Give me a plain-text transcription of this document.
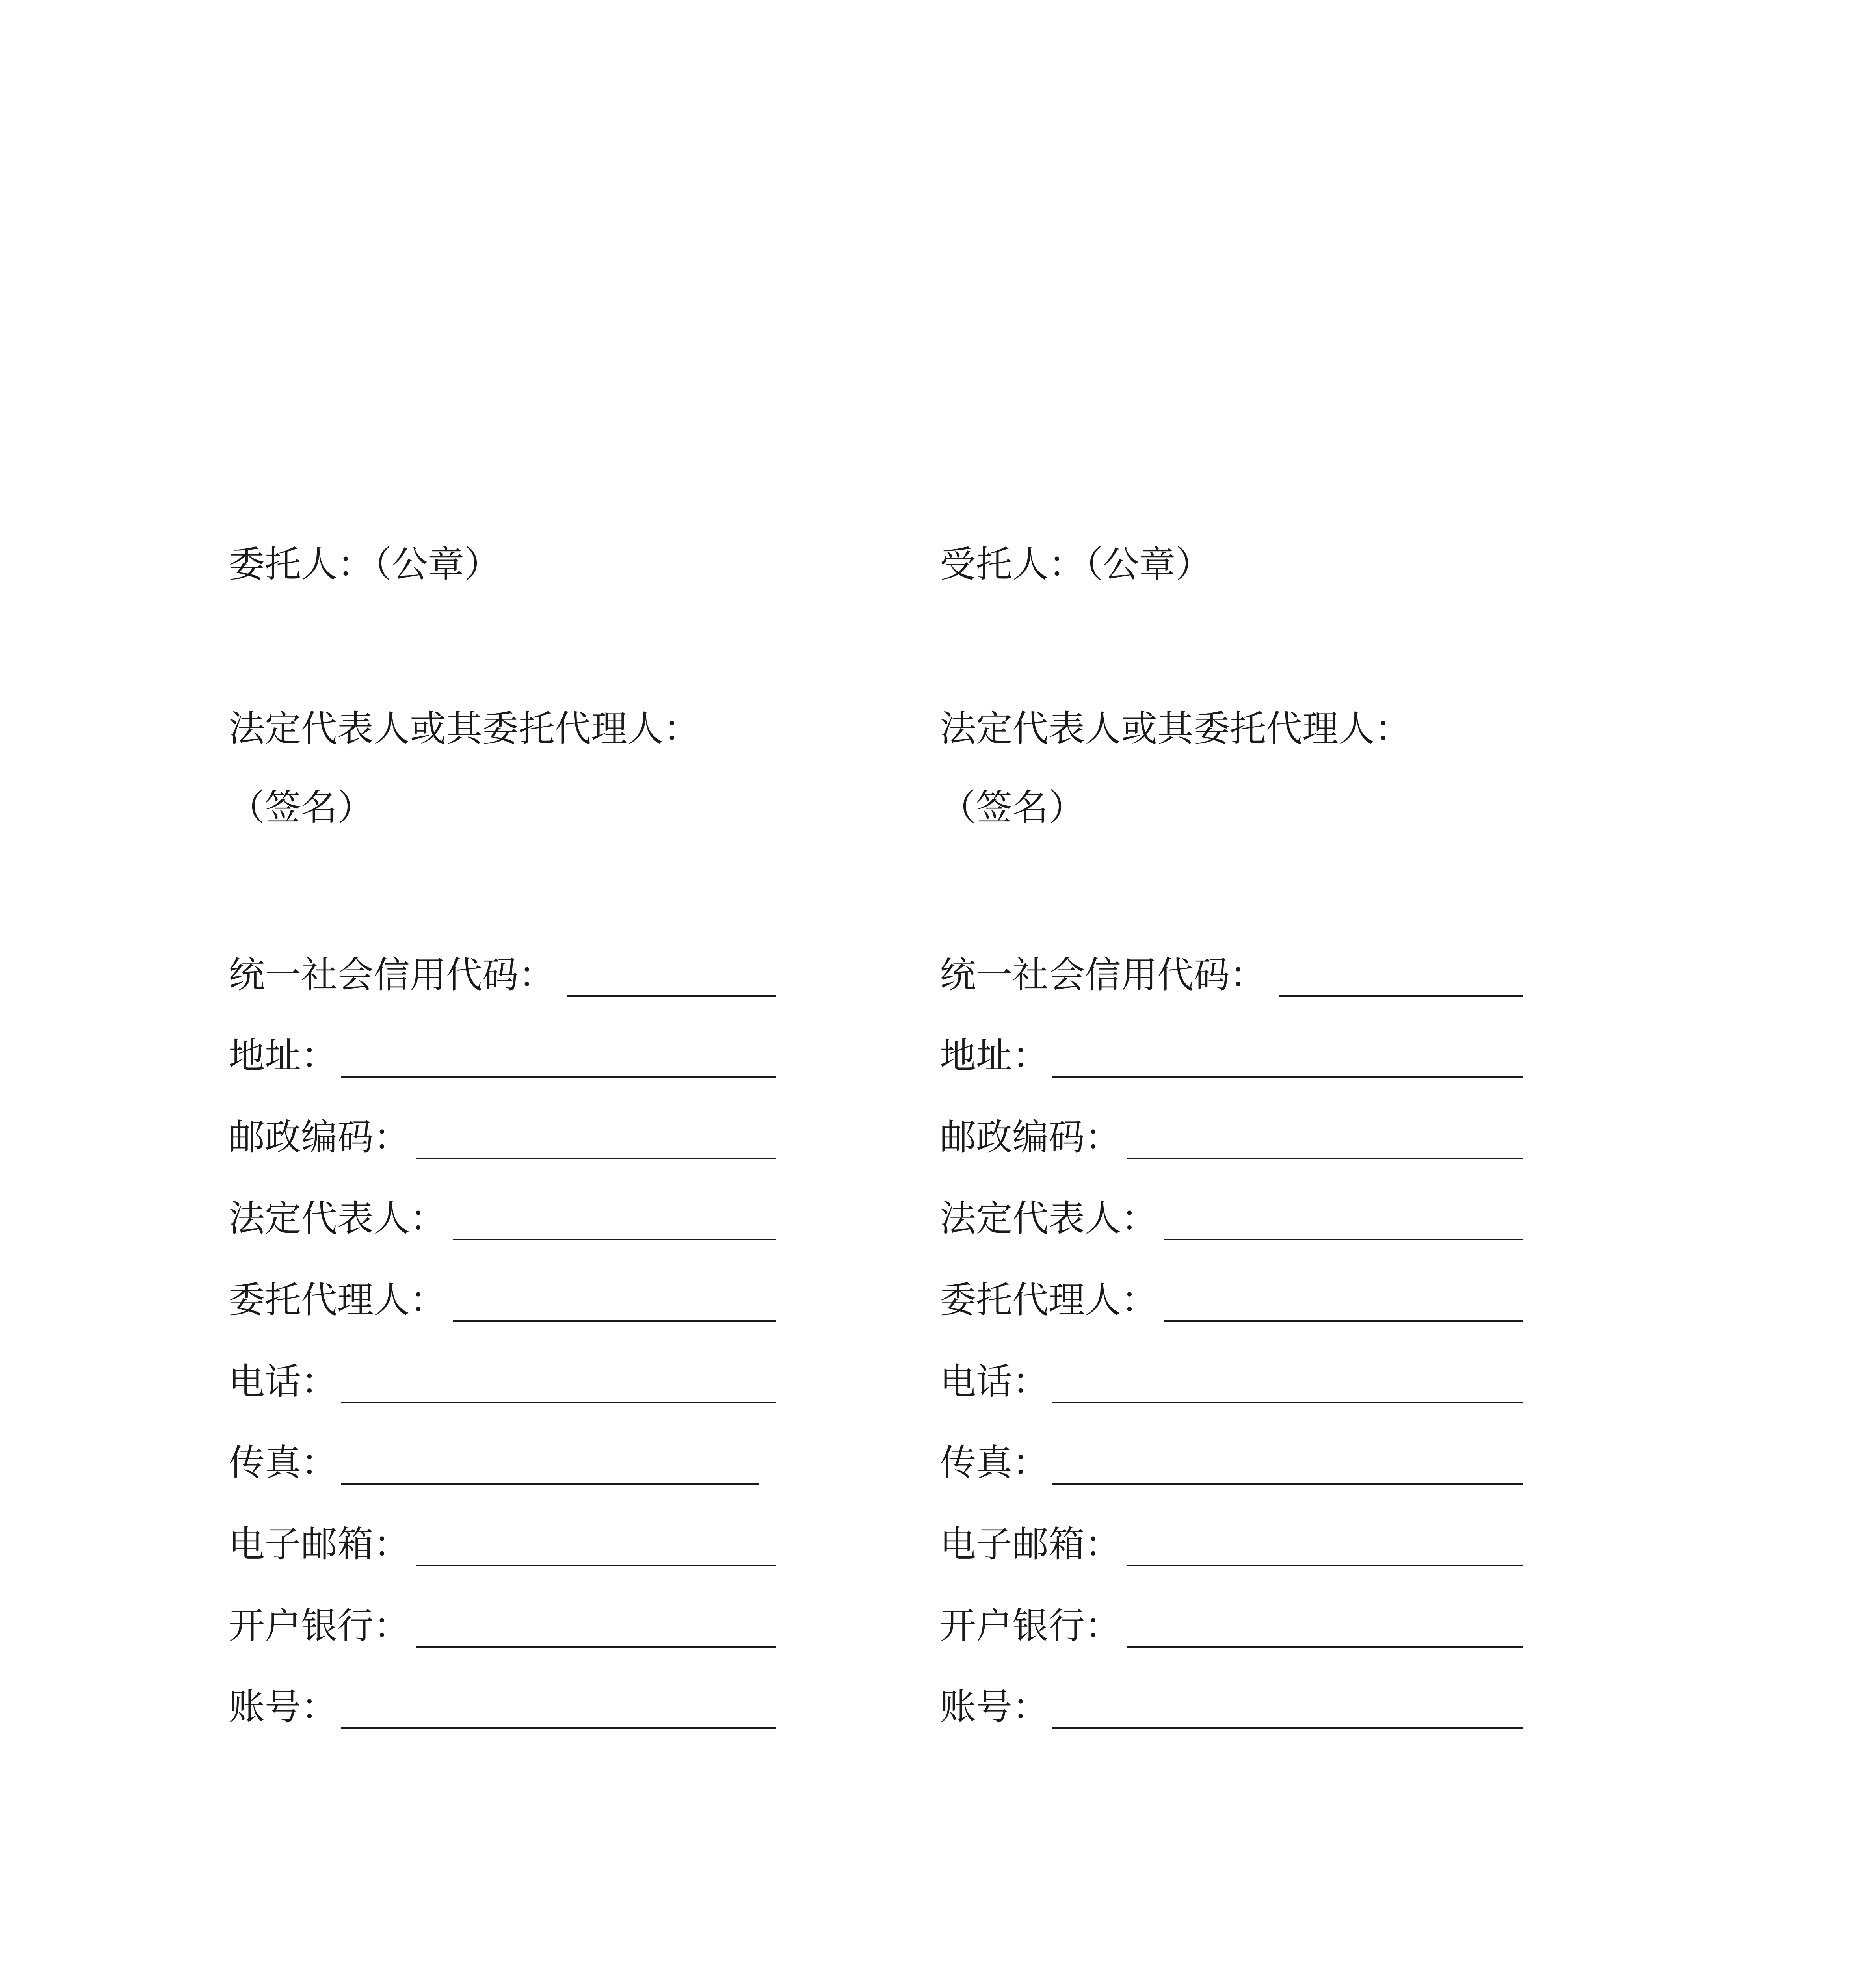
委托人：（公章）
法定代表人或其委托代理人：
（签名）
统一社会信用代码：
地址：
邮政编码：
法定代表人：
委托代理人：
电话：
传真：
电子邮箱：
开户银行：
账号：
受托人：（公章）
法定代表人或其委托代理人：
（签名）
统一社会信用代码：
地址：
邮政编码：
法定代表人：
委托代理人：
电话：
传真：
电子邮箱：
开户银行：
账号：
